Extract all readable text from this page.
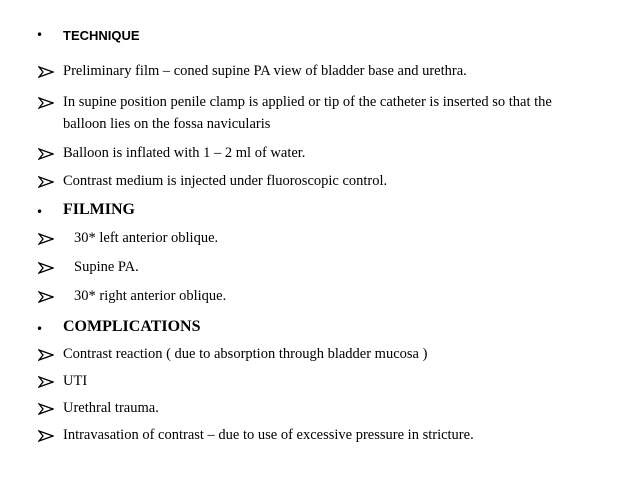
• TECHNIQUE
Preliminary film – coned supine PA view of bladder base and urethra.
In supine position penile clamp is applied or tip of the catheter is inserted so that the
balloon lies on the fossa navicularis
Balloon is inflated with 1 – 2 ml of water.
Contrast medium is injected under fluoroscopic control.
• FILMING
30* left anterior oblique.
Supine PA.
30* right anterior oblique.
• COMPLICATIONS
Contrast reaction ( due to absorption through bladder mucosa )
UTI
Urethral trauma.
Intravasation of contrast – due to use of excessive pressure in stricture.
